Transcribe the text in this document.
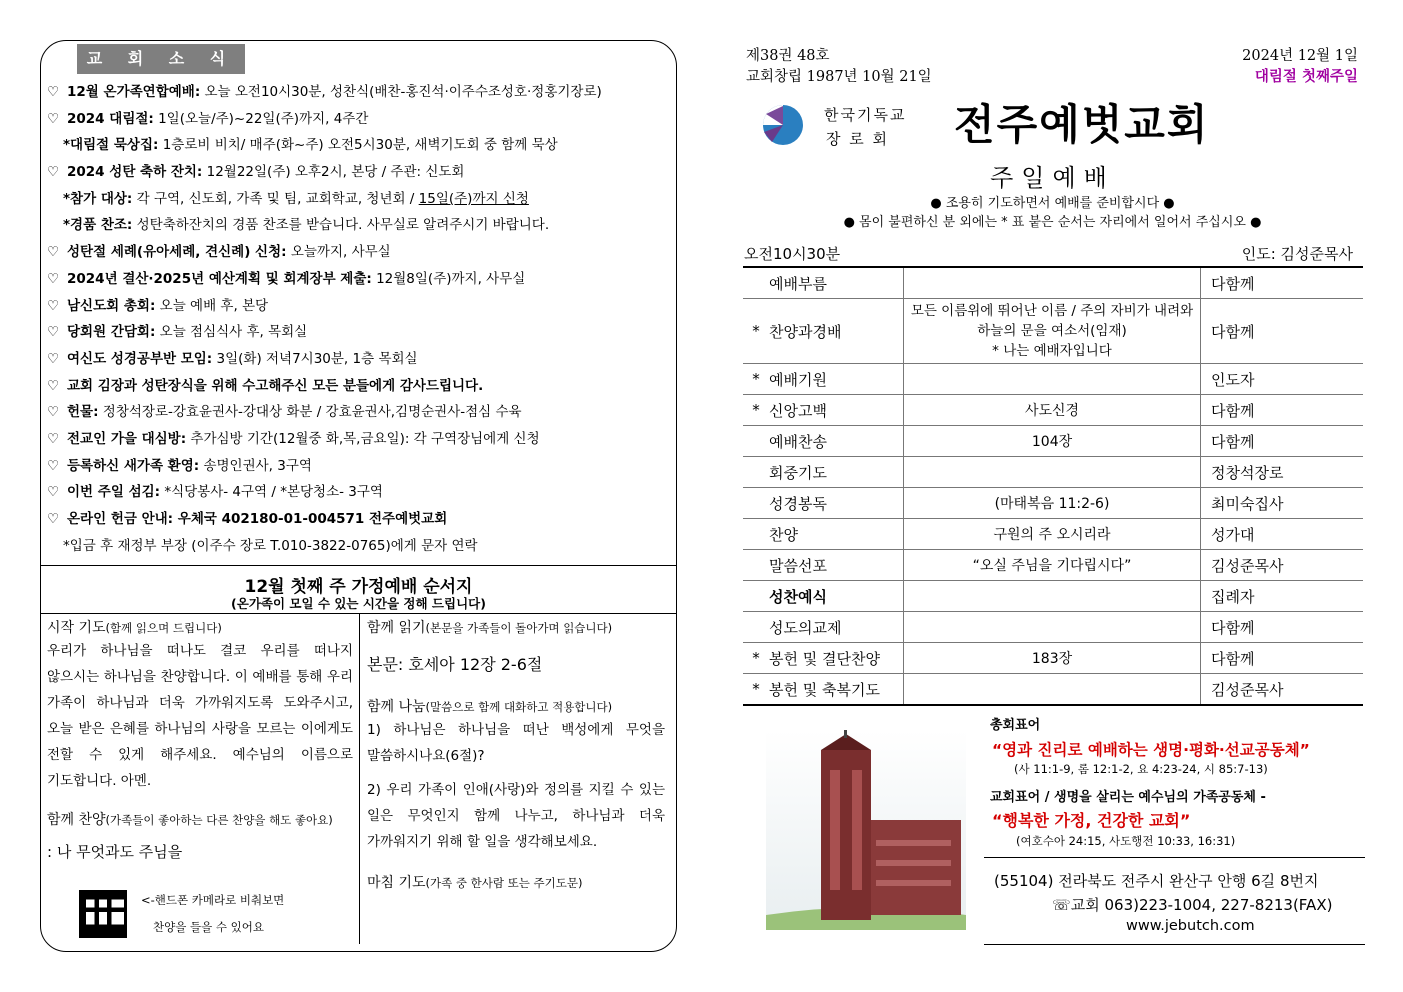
교 회 소 식
♡ 12월 온가족연합예배: 오늘 오전10시30분, 성찬식(배찬-홍진석·이주수조성호·정홍기장로)
♡ 2024 대림절: 1일(오늘/주)~22일(주)까지, 4주간
*대림절 묵상집: 1층로비 비치/ 매주(화~주) 오전5시30분, 새벽기도회 중 함께 묵상
♡ 2024 성탄 축하 잔치: 12월22일(주) 오후2시, 본당 / 주관: 신도회
*참가 대상: 각 구역, 신도회, 가족 및 팀, 교회학교, 청년회 / 15일(주)까지 신청
*경품 찬조: 성탄축하잔치의 경품 찬조를 받습니다. 사무실로 알려주시기 바랍니다.
♡ 성탄절 세례(유아세례, 견신례) 신청: 오늘까지, 사무실
♡ 2024년 결산·2025년 예산계획 및 회계장부 제출: 12월8일(주)까지, 사무실
♡ 남신도회 총회: 오늘 예배 후, 본당
♡ 당회원 간담회: 오늘 점심식사 후, 목회실
♡ 여신도 성경공부반 모임: 3일(화) 저녁7시30분, 1층 목회실
♡ 교회 김장과 성탄장식을 위해 수고해주신 모든 분들에게 감사드립니다.
♡ 헌물: 정창석장로-강효윤권사-강대상 화분 / 강효윤권사,김명순권사-점심 수육
♡ 전교인 가을 대심방: 추가심방 기간(12월중 화,목,금요일): 각 구역장님에게 신청
♡ 등록하신 새가족 환영: 송명인권사, 3구역
♡ 이번 주일 섬김: *식당봉사- 4구역 / *본당청소- 3구역
♡ 온라인 헌금 안내: 우체국 402180-01-004571 전주예벗교회
*입금 후 재정부 부장 (이주수 장로 T.010-3822-0765)에게 문자 연락
12월 첫째 주 가정예배 순서지
(온가족이 모일 수 있는 시간을 정해 드립니다)
시작 기도(함께 읽으며 드립니다)
우리가 하나님을 떠나도 결코 우리를 떠나지 않으시는 하나님을 찬양합니다. 이 예배를 통해 우리 가족이 하나님과 더욱 가까워지도록 도와주시고, 오늘 받은 은혜를 하나님의 사랑을 모르는 이에게도 전할 수 있게 해주세요. 예수님의 이름으로 기도합니다. 아멘.
함께 찬양(가족들이 좋아하는 다른 찬양을 해도 좋아요)
: 나 무엇과도 주님을
<-핸드폰 카메라로 비춰보면
찬양을 들을 수 있어요
함께 읽기(본문을 가족들이 돌아가며 읽습니다)
본문: 호세아 12장 2-6절
함께 나눔(말씀으로 함께 대화하고 적용합니다)
1) 하나님은 하나님을 떠난 백성에게 무엇을 말씀하시나요(6절)?
2) 우리 가족이 인애(사랑)와 정의를 지킬 수 있는 일은 무엇인지 함께 나누고, 하나님과 더욱 가까워지기 위해 할 일을 생각해보세요.
마침 기도(가족 중 한사람 또는 주기도문)
제38권 48호
교회창립 1987년 10월 21일
2024년 12월 1일
대림절 첫째주일
한국기독교
장 로 회 전주예벗교회
주일예배
● 조용히 기도하면서 예배를 준비합시다 ●
● 몸이 불편하신 분 외에는 * 표 붙은 순서는 자리에서 일어서 주십시오 ●
오전10시30분	인도: 김성준목사
	예배부름		다함께
*	찬양과경배	모든 이름위에 뛰어난 이름 / 주의 자비가 내려와
하늘의 문을 여소서(임재)
* 나는 예배자입니다	다함께
*	예배기원		인도자
*	신앙고백	사도신경	다함께
	예배찬송	104장	다함께
	회중기도		정창석장로
	성경봉독	(마태복음 11:2-6)	최미숙집사
	찬양	구원의 주 오시리라	성가대
	말씀선포	“오실 주님을 기다립시다”	김성준목사
	성찬예식		집례자
	성도의교제		다함께
*	봉헌 및 결단찬양	183장	다함께
*	봉헌 및 축복기도		김성준목사
총회표어
“영과 진리로 예배하는 생명·평화·선교공동체”
(사 11:1-9, 롬 12:1-2, 요 4:23-24, 시 85:7-13)
교회표어 / 생명을 살리는 예수님의 가족공동체 -
“행복한 가정, 건강한 교회”
(여호수아 24:15, 사도행전 10:33, 16:31)
(55104) 전라북도 전주시 완산구 안행 6길 8번지
☏교회 063)223-1004, 227-8213(FAX)
www.jebutch.com
